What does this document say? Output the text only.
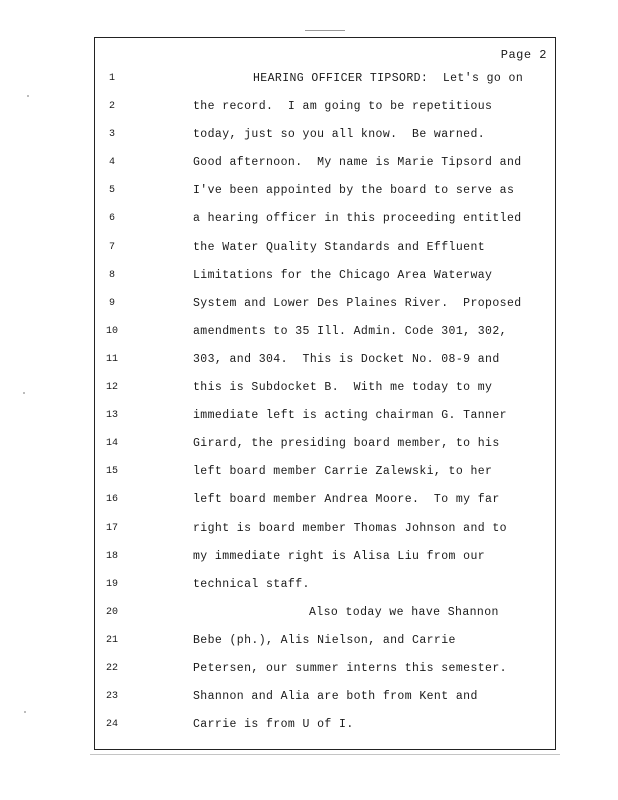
Page 2
1
2
3
4
5
6
7
8
9
10
11
12
13
14
15
16
17
18
19
20
21
22
23
24
HEARING OFFICER TIPSORD:  Let's go on
the record.  I am going to be repetitious
today, just so you all know.  Be warned.
Good afternoon.  My name is Marie Tipsord and
I've been appointed by the board to serve as
a hearing officer in this proceeding entitled
the Water Quality Standards and Effluent
Limitations for the Chicago Area Waterway
System and Lower Des Plaines River.  Proposed
amendments to 35 Ill. Admin. Code 301, 302,
303, and 304.  This is Docket No. 08-9 and
this is Subdocket B.  With me today to my
immediate left is acting chairman G. Tanner
Girard, the presiding board member, to his
left board member Carrie Zalewski, to her
left board member Andrea Moore.  To my far
right is board member Thomas Johnson and to
my immediate right is Alisa Liu from our
technical staff.
Also today we have Shannon
Bebe (ph.), Alis Nielson, and Carrie
Petersen, our summer interns this semester.
Shannon and Alia are both from Kent and
Carrie is from U of I.
